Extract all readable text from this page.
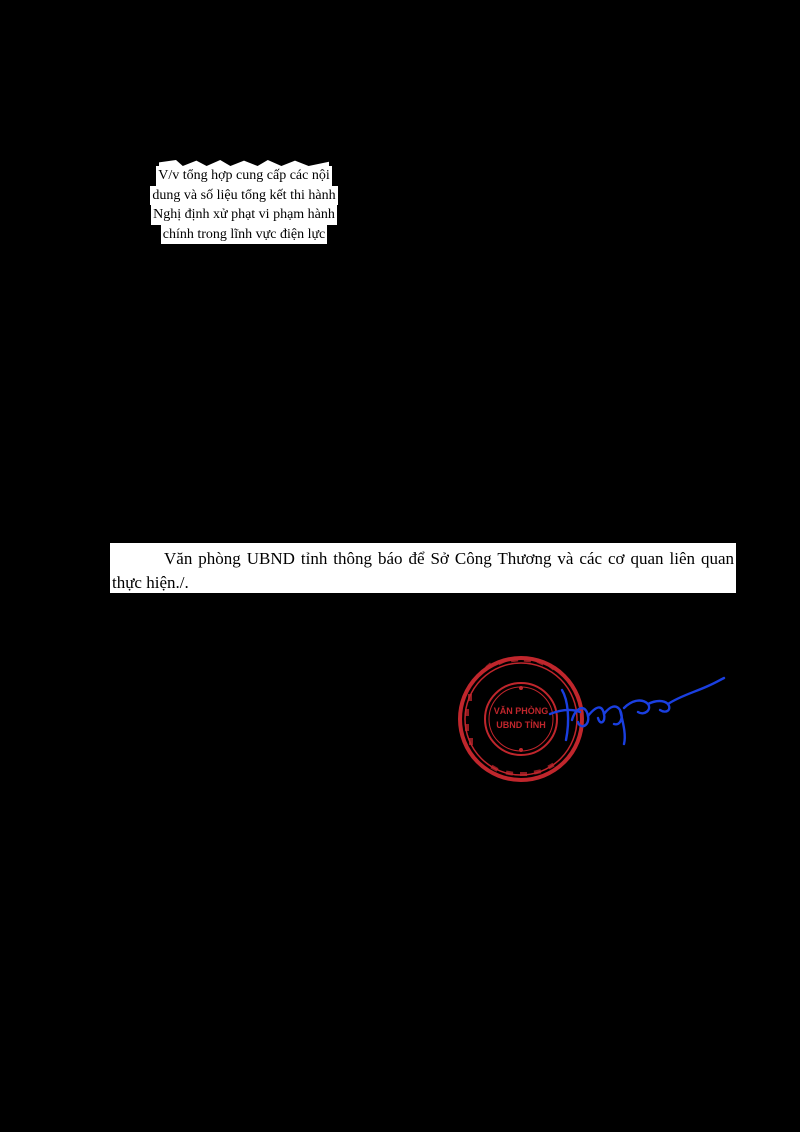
V/v tổng hợp cung cấp các nội
dung và số liệu tổng kết thi hành
Nghị định xử phạt vi phạm hành
chính trong lĩnh vực điện lực

Văn phòng UBND tỉnh thông báo để Sở Công Thương và các cơ quan liên quan thực hiện./.

VĂN PHÒNG
UBND TỈNH
